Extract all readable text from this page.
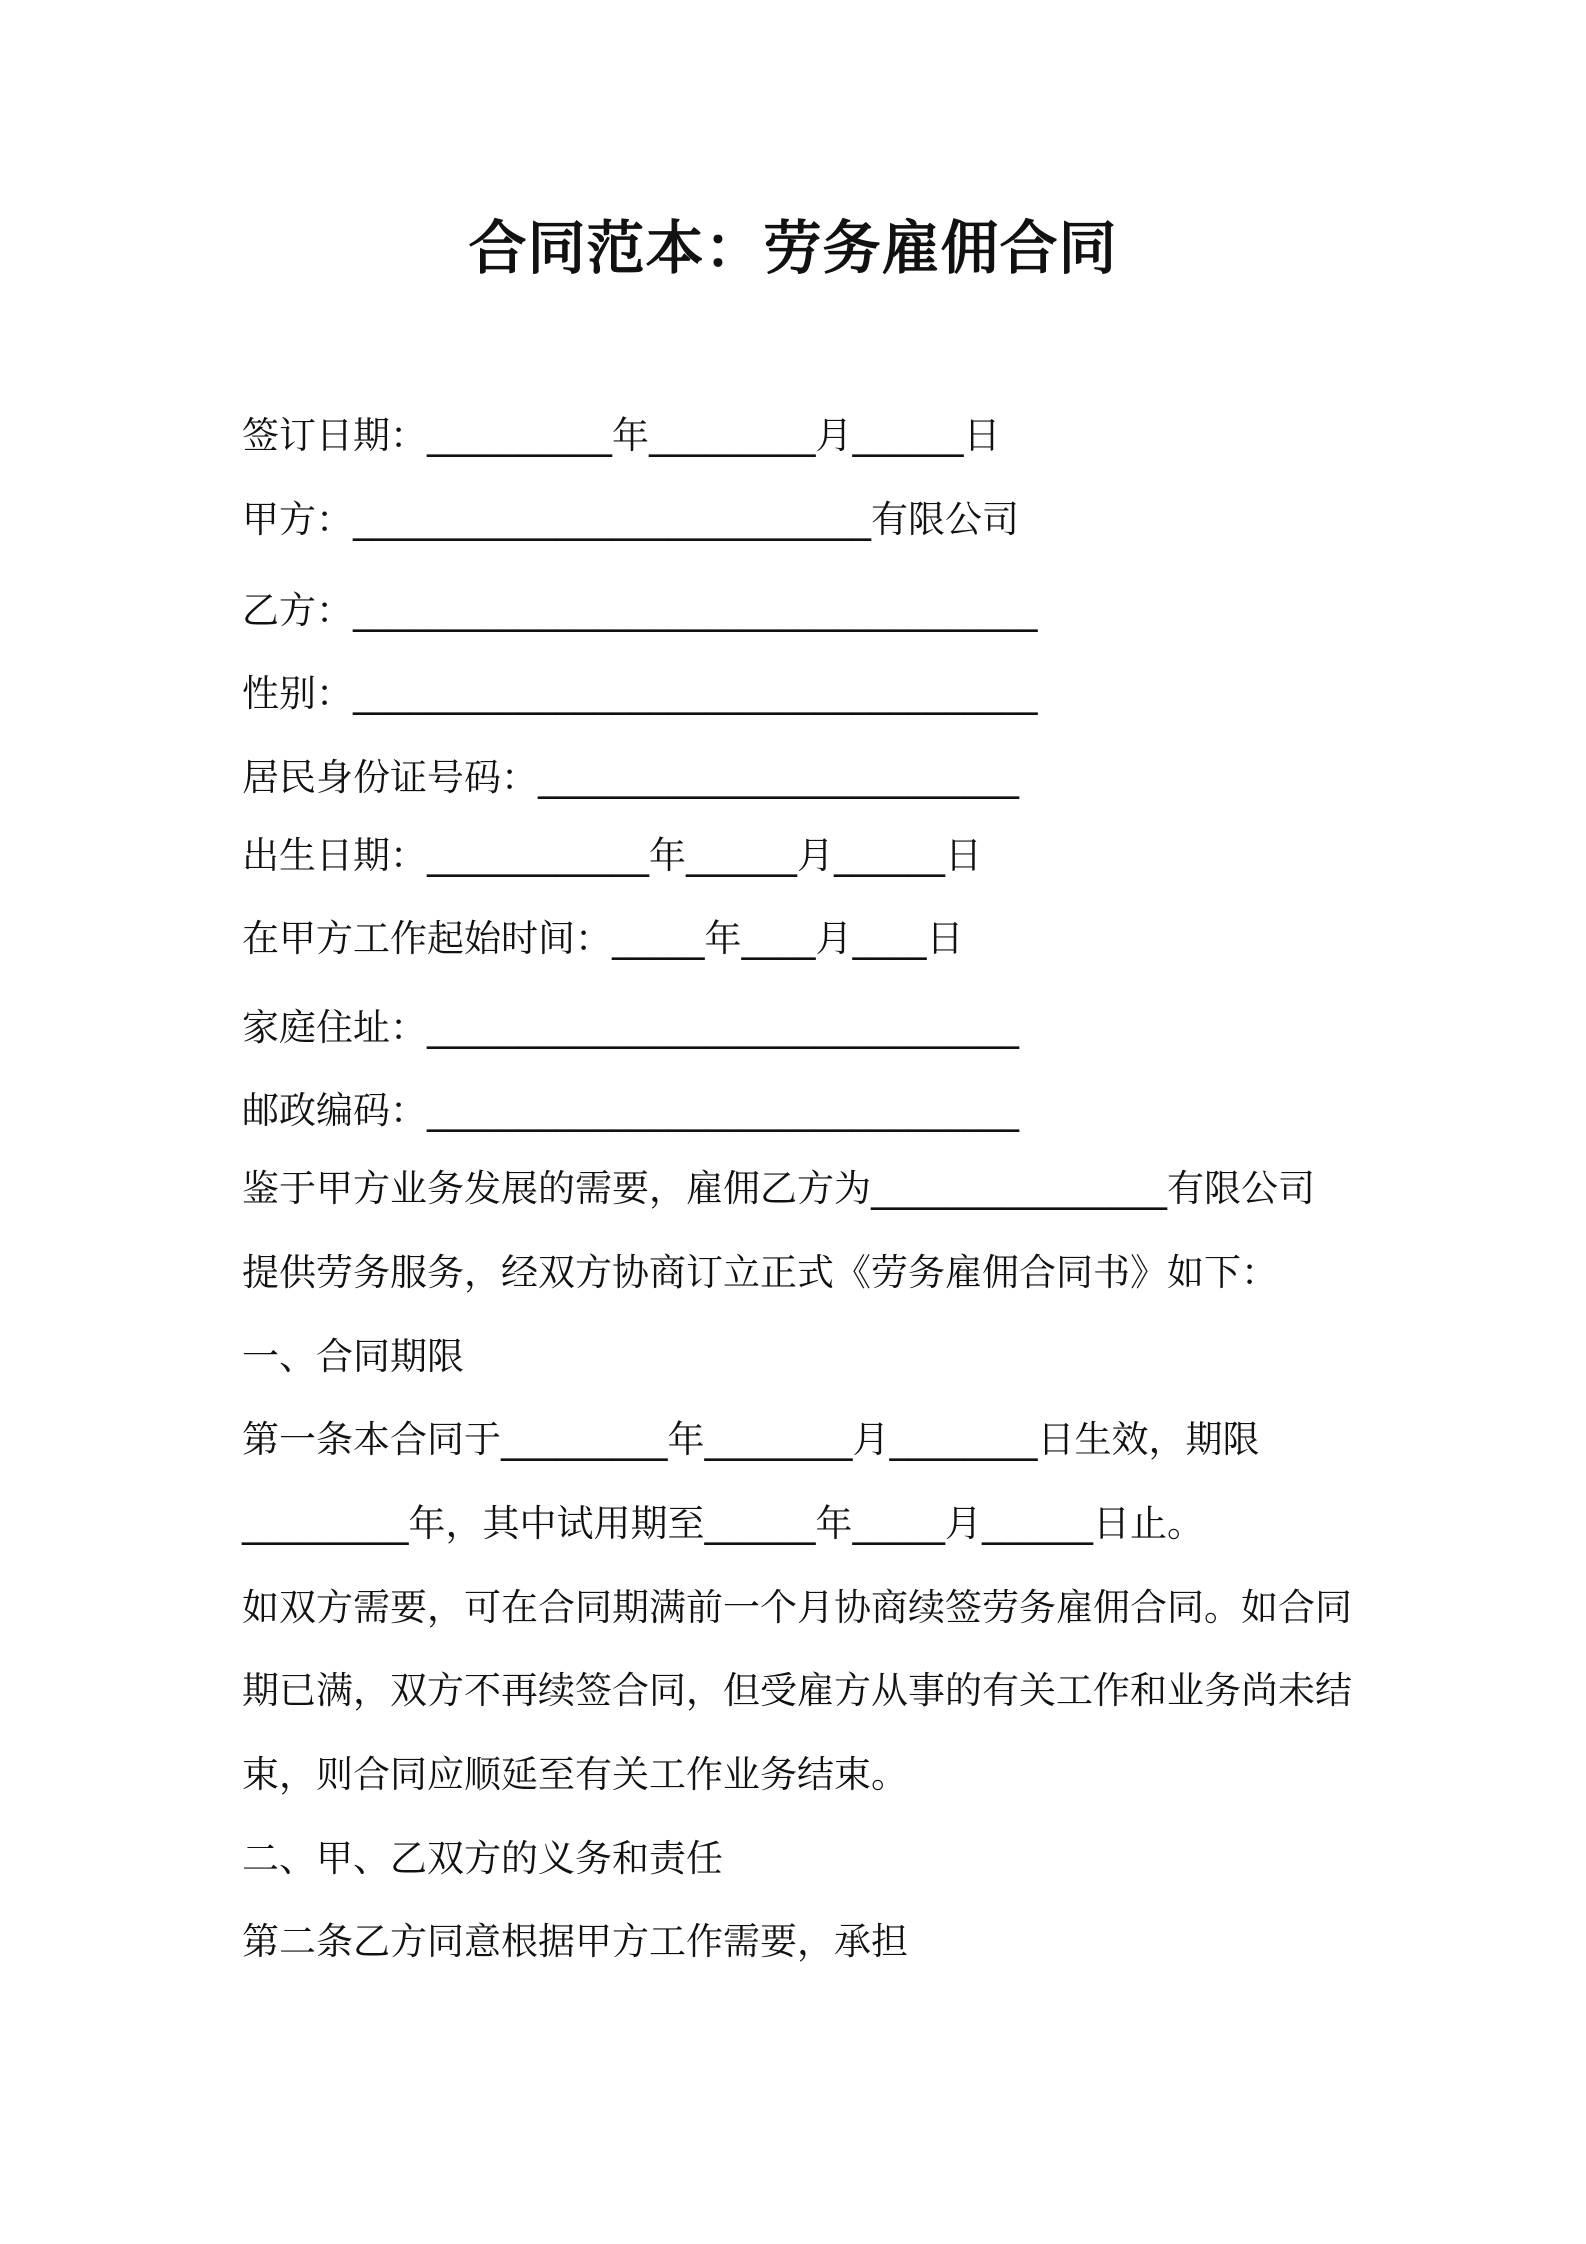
合同范本：劳务雇佣合同
签订日期：__________年_________月______日
甲方：____________________________有限公司
乙方：_____________________________________
性别：_____________________________________
居民身份证号码：__________________________
出生日期：____________年______月______日
在甲方工作起始时间：_____年____月____日
家庭住址：________________________________
邮政编码：________________________________
鉴于甲方业务发展的需要，雇佣乙方为________________有限公司
提供劳务服务，经双方协商订立正式《劳务雇佣合同书》如下：
一、合同期限
第一条本合同于_________年________月________日生效，期限
_________年，其中试用期至______年_____月______日止。
如双方需要，可在合同期满前一个月协商续签劳务雇佣合同。如合同
期已满，双方不再续签合同，但受雇方从事的有关工作和业务尚未结
束，则合同应顺延至有关工作业务结束。
二、甲、乙双方的义务和责任
第二条乙方同意根据甲方工作需要，承担
